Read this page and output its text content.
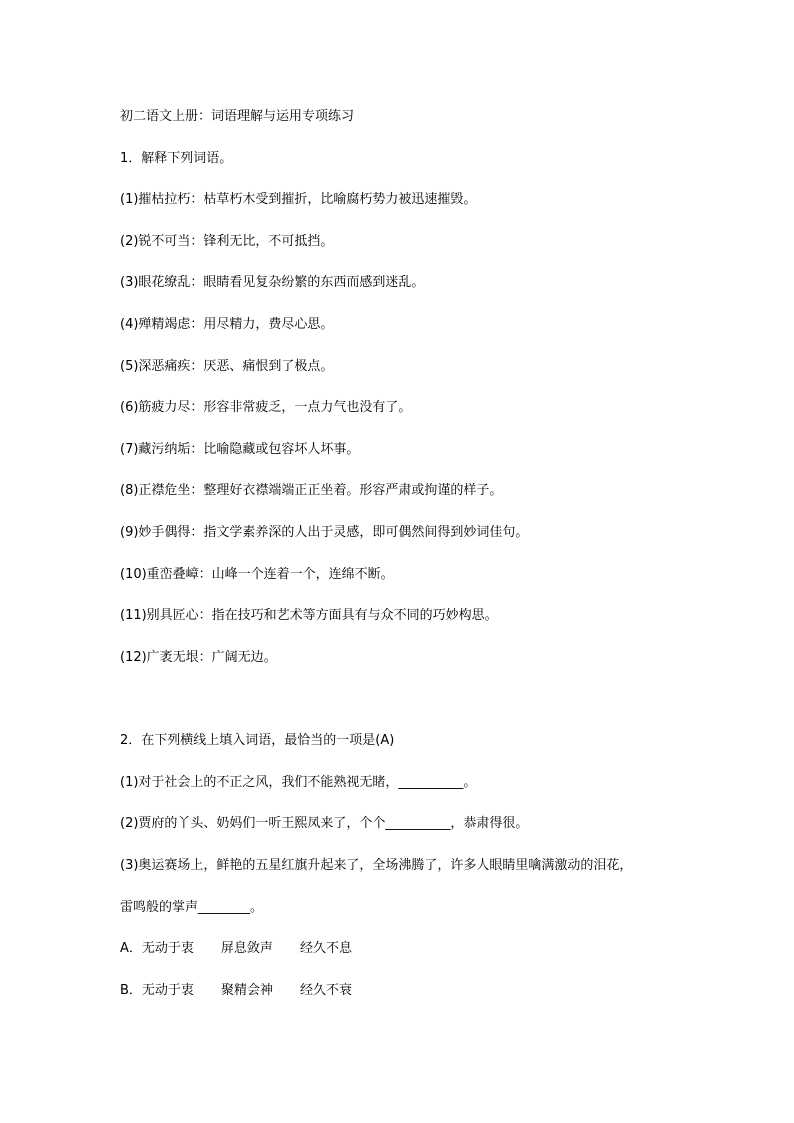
初二语文上册：词语理解与运用专项练习
1．解释下列词语。
(1)摧枯拉朽：枯草朽木受到摧折，比喻腐朽势力被迅速摧毁。
(2)锐不可当：锋利无比，不可抵挡。
(3)眼花缭乱：眼睛看见复杂纷繁的东西而感到迷乱。
(4)殚精竭虑：用尽精力，费尽心思。
(5)深恶痛疾：厌恶、痛恨到了极点。
(6)筋疲力尽：形容非常疲乏，一点力气也没有了。
(7)藏污纳垢：比喻隐藏或包容坏人坏事。
(8)正襟危坐：整理好衣襟端端正正坐着。形容严肃或拘谨的样子。
(9)妙手偶得：指文学素养深的人出于灵感，即可偶然间得到妙词佳句。
(10)重峦叠嶂：山峰一个连着一个，连绵不断。
(11)别具匠心：指在技巧和艺术等方面具有与众不同的巧妙构思。
(12)广袤无垠：广阔无边。
2．在下列横线上填入词语，最恰当的一项是(A)
(1)对于社会上的不正之风，我们不能熟视无睹，__________。
(2)贾府的丫头、奶妈们一听王熙凤来了，个个__________，恭肃得很。
(3)奥运赛场上，鲜艳的五星红旗升起来了，全场沸腾了，许多人眼睛里噙满激动的泪花，
雷鸣般的掌声________。
A．无动于衷 屏息敛声 经久不息
B．无动于衷 聚精会神 经久不衰
